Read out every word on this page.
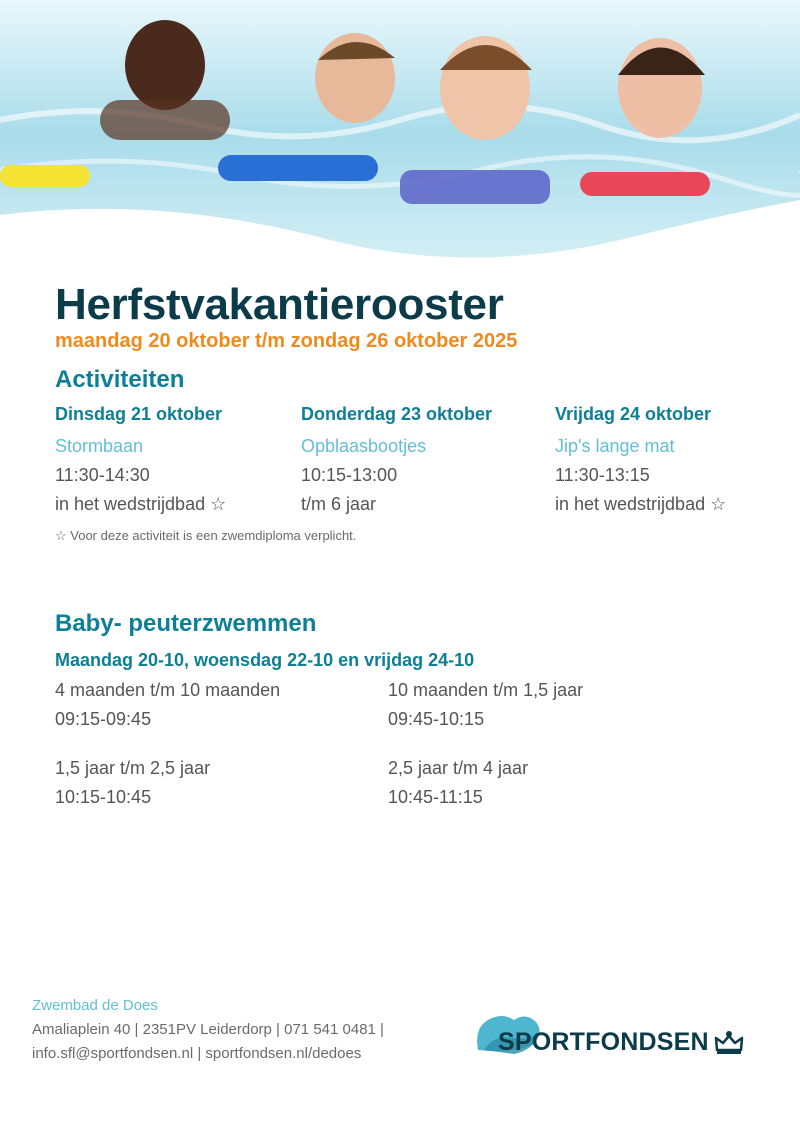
Herfstvakantierooster
maandag 20 oktober t/m zondag 26 oktober 2025
Activiteiten
Dinsdag 21 oktober
Stormbaan
11:30-14:30
in het wedstrijdbad ☆
Donderdag 23 oktober
Opblaasbootjes
10:15-13:00
t/m 6 jaar
Vrijdag 24 oktober
Jip's lange mat
11:30-13:15
in het wedstrijdbad ☆
☆ Voor deze activiteit is een zwemdiploma verplicht.
Baby- peuterzwemmen
Maandag 20-10, woensdag 22-10 en vrijdag 24-10
4 maanden t/m 10 maanden
09:15-09:45
10 maanden t/m 1,5 jaar
09:45-10:15
1,5 jaar t/m 2,5 jaar
10:15-10:45
2,5 jaar t/m 4 jaar
10:45-11:15
Zwembad de Does
Amaliaplein 40 | 2351PV Leiderdorp | 071 541 0481 |
info.sfl@sportfondsen.nl | sportfondsen.nl/dedoes	SPORTFONDSEN
